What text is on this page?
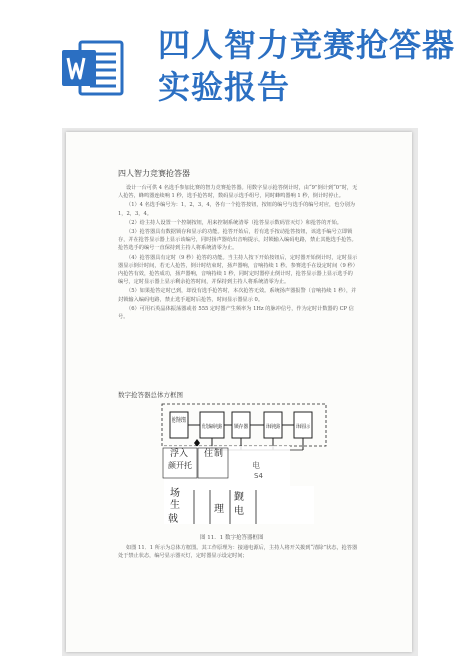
四人智力竞赛抢答器实验报告
四人智力竞赛抢答器

设计一台可供 4 名选手参加比赛的智力竞赛抢答器。用数字显示抢答倒计时，由“9”倒计到“0”时，无人抢答，蜂鸣器连续响 1 秒，选手抢答时，数码显示选手组号，同时蜂鸣器响 1 秒，倒计时停止。

（1）4 名选手编号为：1，2，3，4，各有一个抢答按钮，按钮的编号与选手的编号对应，也分别为 1，2，3，4。

（2）给主持人设置一个控制按钮，用来控制系统清零（抢答显示数码管灭灯）和抢答的开始。

（3）抢答器具有数据锁存和显示的功能。抢答开始后，若有选手按动抢答按钮，该选手编号立即锁存，并在抢答显示器上显示该编号，同时扬声器给出音响提示，封锁输入编码电路，禁止其他选手抢答。抢答选手的编号一直保持到主持人将系统清零为止。

（4）抢答器具有定时（9 秒）抢答的功能。当主持人按下开始按钮后，定时器开始倒计时，定时显示器显示倒计时间，若无人抢答，倒计时结束时，扬声器响，音响持续 1 秒。参赛选手在设定时间（9 秒）内抢答有效，抢答成功，扬声器响，音响持续 1 秒，同时定时器停止倒计时，抢答显示器上显示选手的编号，定时显示器上显示剩余抢答时间，并保持到主持人将系统清零为止。

（5）如果抢答定时已到，却没有选手抢答时，本次抢答无效。系统扬声器报警（音响持续 1 秒），并封锁输入编码电路，禁止选手超时后抢答，时间显示器显示 0。

（6）可用石英晶体振荡器或者 555 定时器产生频率为 1Hz 的脉冲信号，作为定时计数器的 CP 信号。

数字抢答器总体方框图
抢答按钮
优先编码电路 锁存器	译码电路 译码显示
浮入
颜开托
住 制
电
S4
场
生
戟
理
觐
电
图 11．1 数字抢答器框图

如图 11．1 所示为总体方框图。其工作原理为：接通电源后，主持人将开关拨到“清除”状态，抢答器处于禁止状态，编号显示器灭灯，定时器显示设定时间；
